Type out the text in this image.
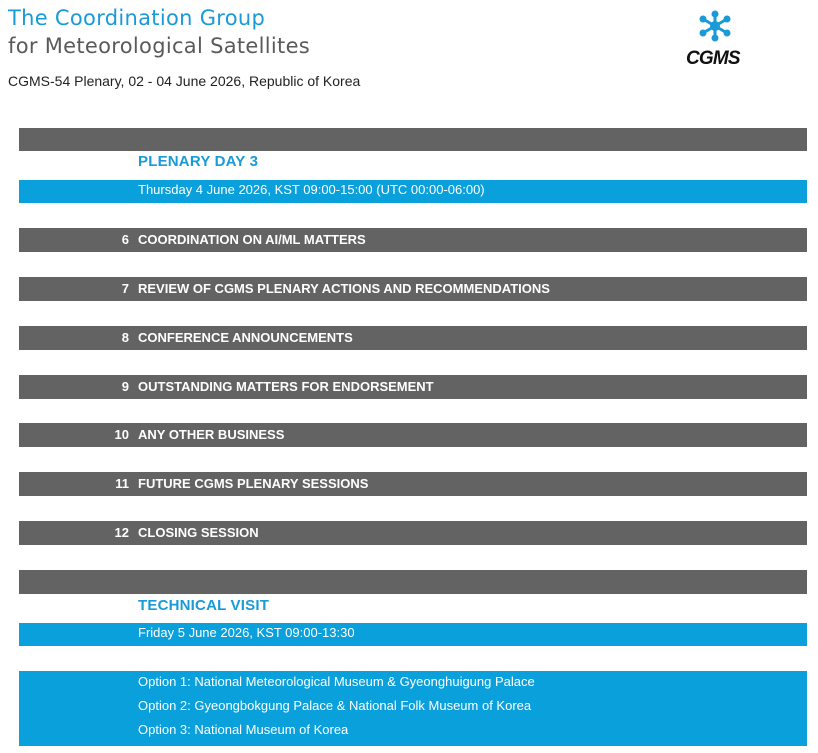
The Coordination Group
for Meteorological Satellites
CGMS-54 Plenary, 02 - 04 June 2026, Republic of Korea
CGMS
PLENARY DAY 3
Thursday 4 June 2026, KST 09:00-15:00 (UTC 00:00-06:00)
6 COORDINATION ON AI/ML MATTERS
7 REVIEW OF CGMS PLENARY ACTIONS AND RECOMMENDATIONS
8 CONFERENCE ANNOUNCEMENTS
9 OUTSTANDING MATTERS FOR ENDORSEMENT
10 ANY OTHER BUSINESS
11 FUTURE CGMS PLENARY SESSIONS
12 CLOSING SESSION
TECHNICAL VISIT
Friday 5 June 2026, KST 09:00-13:30
Option 1: National Meteorological Museum & Gyeonghuigung Palace
Option 2: Gyeongbokgung Palace & National Folk Museum of Korea
Option 3: National Museum of Korea
